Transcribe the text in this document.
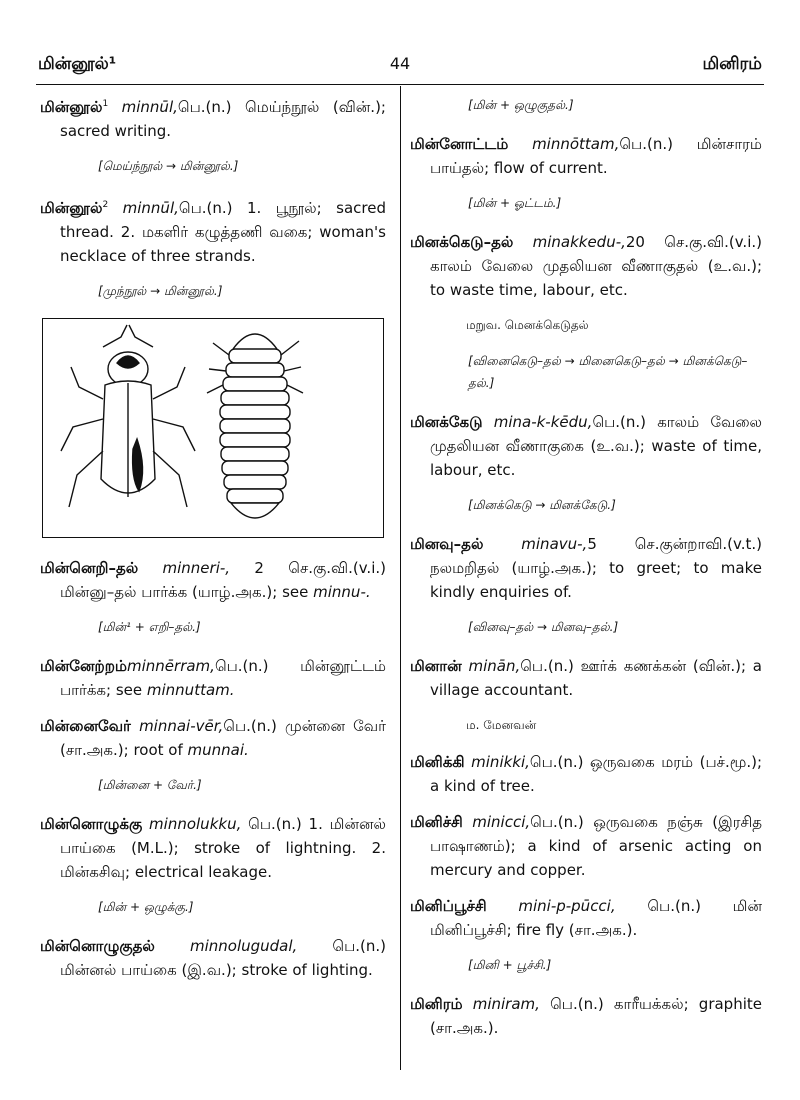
மின்னூல்¹	44	மினிரம்

மின்னூல்$^1$ minnūl,பெ.(n.) மெய்ந்நூல் (வின்.); sacred writing.

[மெய்ந்நூல் → மின்னூல்.]

மின்னூல்$^2$ minnūl,பெ.(n.) 1. பூநூல்; sacred thread. 2. மகளிர் கழுத்தணி வகை; woman's necklace of three strands.

[முந்நூல் → மின்னூல்.]

மின்னெறி–தல் minneri-, 2 செ.கு.வி.(v.i.) மின்னு–தல் பார்க்க (யாழ்.அக.); see minnu-.

[மின்¹ + எறி–தல்.]

மின்னேற்றம்minnērram,பெ.(n.) மின்னூட்டம் பார்க்க; see minnuttam.

மின்னைவேர் minnai-vēr,பெ.(n.) முன்னை வேர் (சா.அக.); root of munnai.

[மின்னை + வேர்.]

மின்னொழுக்கு minnolukku, பெ.(n.) 1. மின்னல் பாய்கை (M.L.); stroke of lightning. 2. மின்கசிவு; electrical leakage.

[மின் + ஒழுக்கு.]

மின்னொழுகுதல் minnolugudal, பெ.(n.) மின்னல் பாய்கை (இ.வ.); stroke of lighting.

[மின் + ஒழுகுதல்.]

மின்னோட்டம் minnōttam,பெ.(n.) மின்சாரம் பாய்தல்; flow of current.

[மின் + ஓட்டம்.]

மினக்கெடு–தல் minakkedu-,20 செ.கு.வி.(v.i.) காலம் வேலை முதலியன வீணாகுதல் (உ.வ.); to waste time, labour, etc.

மறுவ. மெனக்கெடுதல்
[வினைகெடு–தல் → மினைகெடு–தல் → மினக்கெடு–தல்.]

மினக்கேடு mina-k-kēdu,பெ.(n.) காலம் வேலை முதலியன வீணாகுகை (உ.வ.); waste of time, labour, etc.

[மினக்கெடு → மினக்கேடு.]

மினவு–தல்	minavu-,5 செ.குன்றாவி.(v.t.) நலமறிதல் (யாழ்.அக.); to greet; to make kindly enquiries of.

[வினவு–தல் → மினவு–தல்.]

மினான் minān,பெ.(n.) ஊர்க் கணக்கன் (வின்.); a village accountant.

ம. மேனவன்

மினிக்கி minikki,பெ.(n.) ஒருவகை மரம் (பச்.மூ.); a kind of tree.

மினிச்சி minicci,பெ.(n.) ஒருவகை நஞ்சு (இரசித பாஷாணம்); a kind of arsenic acting on mercury and copper.

மினிப்பூச்சி mini-p-pūcci, பெ.(n.) மின் மினிப்பூச்சி; fire fly (சா.அக.).

[மினி + பூச்சி.]

மினிரம் miniram, பெ.(n.) காரீயக்கல்; graphite (சா.அக.).
